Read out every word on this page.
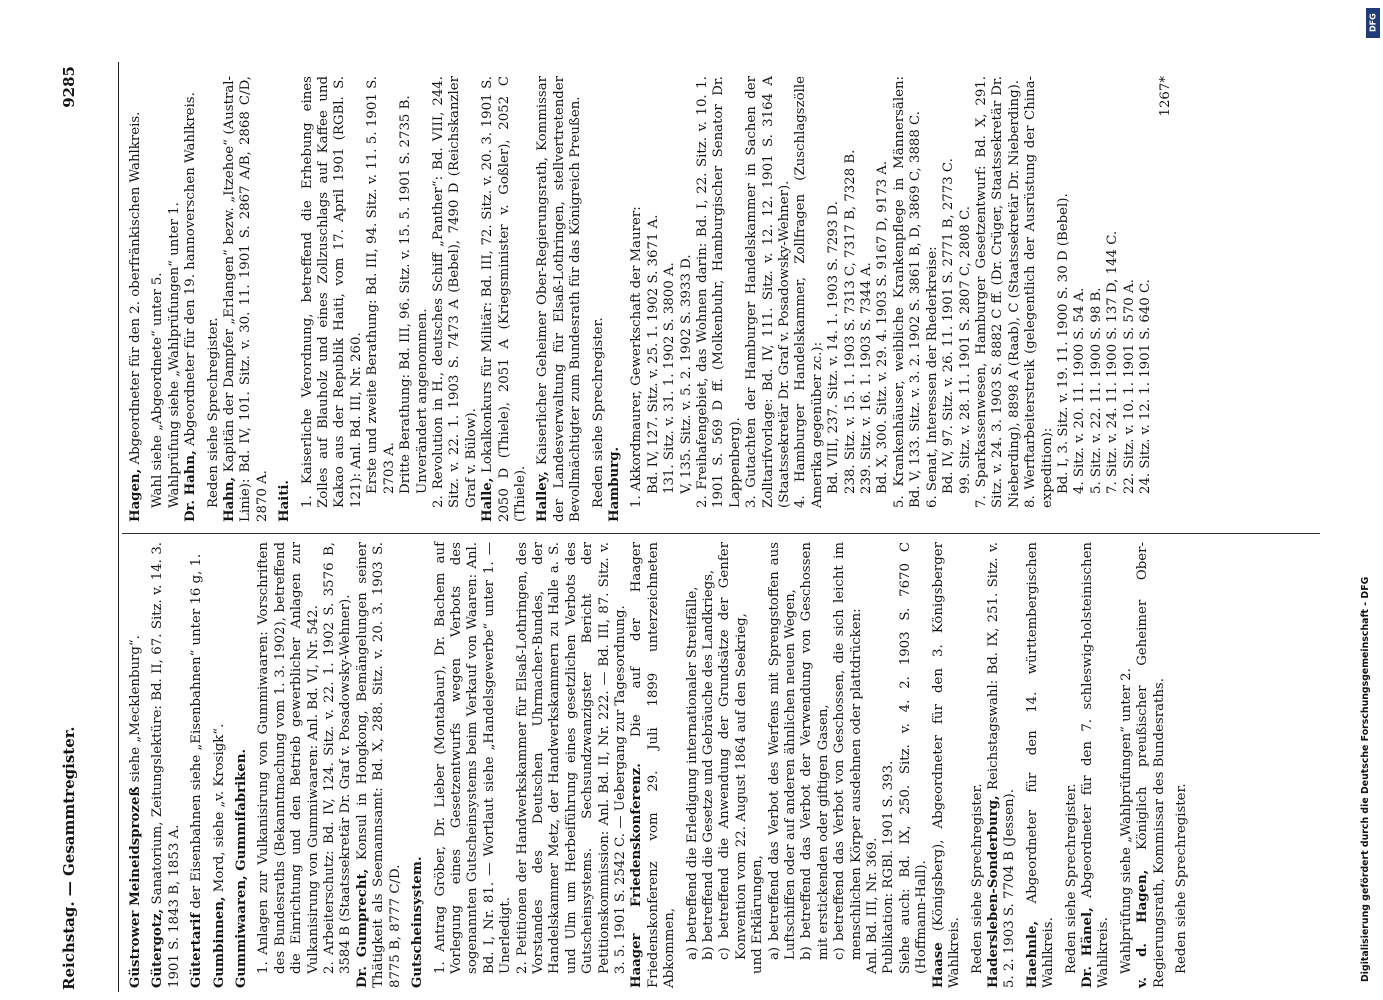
Reichstag. — Gesammtregister.
9285

Güstrower Meineidsprozeß siehe „Mecklenburg“.

Gütergotz, Sanatorium, Zeitungslektüre: Bd. II, 67. Sitz. v. 14. 3. 1901 S. 1843 B, 1853 A. Gütertarif der Eisenbahnen siehe „Eisenbahnen“ unter 16 g, 1.

Gumbinnen, Mord, siehe „v. Krosigk“. Gummiwaaren, Gummifabriken. 1. Anlagen zur Vulkanisirung von Gummiwaaren: Vorschriften des Bundesraths (Bekanntmachung vom 1. 3. 1902), betreffend die Einrichtung und den Betrieb gewerblicher Anlagen zur Vulkanisirung von Gummiwaaren: Anl. Bd. VI, Nr. 542. 2. Arbeiterschutz: Bd. IV, 124. Sitz. v. 22. 1. 1902 S. 3576 B, 3584 B (Staatssekretär Dr. Graf v. Posadowsky-Wehner). Dr. Gumprecht, Konsul in Hongkong, Bemängelungen seiner Thätigkeit als Seemannsamt: Bd. X, 288. Sitz. v. 20. 3. 1903 S. 8775 B, 8777 C/D. Gutscheinsystem. 1. Antrag Gröber, Dr. Lieber (Montabaur), Dr. Bachem auf Vorlegung eines Gesetzentwurfs wegen Verbots des sogenannten Gutscheinsystems beim Verkauf von Waaren: Anl. Bd. I, Nr. 81. — Wortlaut siehe „Handelsgewerbe“ unter 1. — Unerledigt. 2. Petitionen der Handwerkskammer für Elsaß-Lothringen, des Vorstandes des Deutschen Uhrmacher-Bundes, der Handelskammer Metz, der Handwerkskammern zu Halle a. S. und Ulm um Herbeiführung eines gesetzlichen Verbots des Gutscheinsystems. Sechsundzwanzigster Bericht der Petitionskommission: Anl. Bd. II, Nr. 222. — Bd. III, 87. Sitz. v. 3. 5. 1901 S. 2542 C. — Uebergang zur Tagesordnung. Haager Friedenskonferenz. Die auf der Haager Friedenskonferenz vom 29. Juli 1899 unterzeichneten Abkommen, a) betreffend die Erledigung internationaler Streitfälle, b) betreffend die Gesetze und Gebräuche des Landkriegs, c) betreffend die Anwendung der Grundsätze der Genfer Konvention vom 22. August 1864 auf den Seekrieg, und Erklärungen, a) betreffend das Verbot des Werfens mit Sprengstoffen aus Luftschiffen oder auf anderen ähnlichen neuen Wegen, b) betreffend das Verbot der Verwendung von Geschossen mit erstickenden oder giftigen Gasen, c) betreffend das Verbot von Geschossen, die sich leicht im menschlichen Körper ausdehnen oder plattdrücken: Anl. Bd. III, Nr. 369. Publikation: RGBl. 1901 S. 393. Siehe auch: Bd. IX, 250. Sitz. v. 4. 2. 1903 S. 7670 C (Hoffmann-Hall). Haase (Königsberg), Abgeordneter für den 3. Königsberger Wahlkreis. Reden siehe Sprechregister. Hadersleben-Sonderburg, Reichstagswahl: Bd. IX, 251. Sitz. v. 5. 2. 1903 S. 7704 B (Jessen). Haehnle, Abgeordneter für den 14. württembergischen Wahlkreis. Reden siehe Sprechregister. Dr. Hänel, Abgeordneter für den 7. schleswig-holsteinischen Wahlkreis. Wahlprüfung siehe „Wahlprüfungen“ unter 2. v. d. Hagen, Königlich preußischer Geheimer Ober-Regierungsrath, Kommissar des Bundesraths. Reden siehe Sprechregister.

Hagen, Abgeordneter für den 2. oberfränkischen Wahlkreis. Wahl siehe „Abgeordnete“ unter 5. Wahlprüfung siehe „Wahlprüfungen“ unter 1. Dr. Hahn, Abgeordneter für den 19. hannoverschen Wahlkreis. Reden siehe Sprechregister. Hahn, Kapitän der Dampfer „Erlangen“ bezw. „Itzehoe“ (Austral-Linie): Bd. IV, 101. Sitz. v. 30. 11. 1901 S. 2867 A/B, 2868 C/D, 2870 A. Haiti. 1. Kaiserliche Verordnung, betreffend die Erhebung eines Zolles auf Blauholz und eines Zollzuschlags auf Kaffee und Kakao aus der Republik Haiti, vom 17. April 1901 (RGBl. S. 121): Anl. Bd. III, Nr. 260. Erste und zweite Berathung: Bd. III, 94. Sitz. v. 11. 5. 1901 S. 2703 A. Dritte Berathung: Bd. III, 96. Sitz. v. 15. 5. 1901 S. 2735 B. Unverändert angenommen. 2. Revolution in H., deutsches Schiff „Panther“: Bd. VIII, 244. Sitz. v. 22. 1. 1903 S. 7473 A (Bebel), 7490 D (Reichskanzler Graf v. Bülow). Halle, Lokalkonkurs für Militär: Bd. III, 72. Sitz. v. 20. 3. 1901 S. 2050 D (Thiele), 2051 A (Kriegsminister v. Goßler), 2052 C (Thiele). Halley, Kaiserlicher Geheimer Ober-Regierungsrath, Kommissar der Landesverwaltung für Elsaß-Lothringen, stellvertretender Bevollmächtigter zum Bundesrath für das Königreich Preußen. Reden siehe Sprechregister. Hamburg. 1. Akkordmaurer, Gewerkschaft der Maurer: Bd. IV, 127. Sitz. v. 25. 1. 1902 S. 3671 A. 131. Sitz. v. 31. 1. 1902 S. 3800 A. V, 135. Sitz. v. 5. 2. 1902 S. 3933 D. 2. Freihafengebiet, das Wohnen darin: Bd. I, 22. Sitz. v. 10. 1. 1901 S. 569 D ff. (Molkenbuhr, Hamburgischer Senator Dr. Lappenberg). 3. Gutachten der Hamburger Handelskammer in Sachen der Zolltarifvorlage: Bd. IV, 111. Sitz. v. 12. 12. 1901 S. 3164 A (Staatssekretär Dr. Graf v. Posadowsky-Wehner). 4. Hamburger Handelskammer, Zollfragen (Zuschlagszölle Amerika gegenüber zc.): Bd. VIII, 237. Sitz. v. 14. 1. 1903 S. 7293 D. 238. Sitz. v. 15. 1. 1903 S. 7313 C, 7317 B, 7328 B. 239. Sitz. v. 16. 1. 1903 S. 7344 A. Bd. X, 300. Sitz. v. 29. 4. 1903 S. 9167 D, 9173 A. 5. Krankenhäuser, weibliche Krankenpflege in Männersälen: Bd. V, 133. Sitz. v. 3. 2. 1902 S. 3861 B, D, 3869 C, 3888 C. 6. Senat, Interessen der Rhederkreise: Bd. IV, 97. Sitz. v. 26. 11. 1901 S. 2771 B, 2773 C. 99. Sitz. v. 28. 11. 1901 S. 2807 C, 2808 C. 7. Sparkassenwesen, Hamburger Gesetzentwurf: Bd. X, 291. Sitz. v. 24. 3. 1903 S. 8882 C ff. (Dr. Crüger, Staatssekretär Dr. Nieberding), 8898 A (Raab), C (Staatssekretär Dr. Nieberding). 8. Werftarbeiterstreik (gelegentlich der Ausrüstung der China-expedition): Bd. I, 3. Sitz. v. 19. 11. 1900 S. 30 D (Bebel). 4. Sitz. v. 20. 11. 1900 S. 54 A. 5. Sitz. v. 22. 11. 1900 S. 98 B. 7. Sitz. v. 24. 11. 1900 S. 137 D, 144 C. 22. Sitz. v. 10. 1. 1901 S. 570 A. 24. Sitz. v. 12. 1. 1901 S. 640 C.

1267*

Digitalisierung gefördert durch die Deutsche Forschungsgemeinschaft - DFG
DFG
